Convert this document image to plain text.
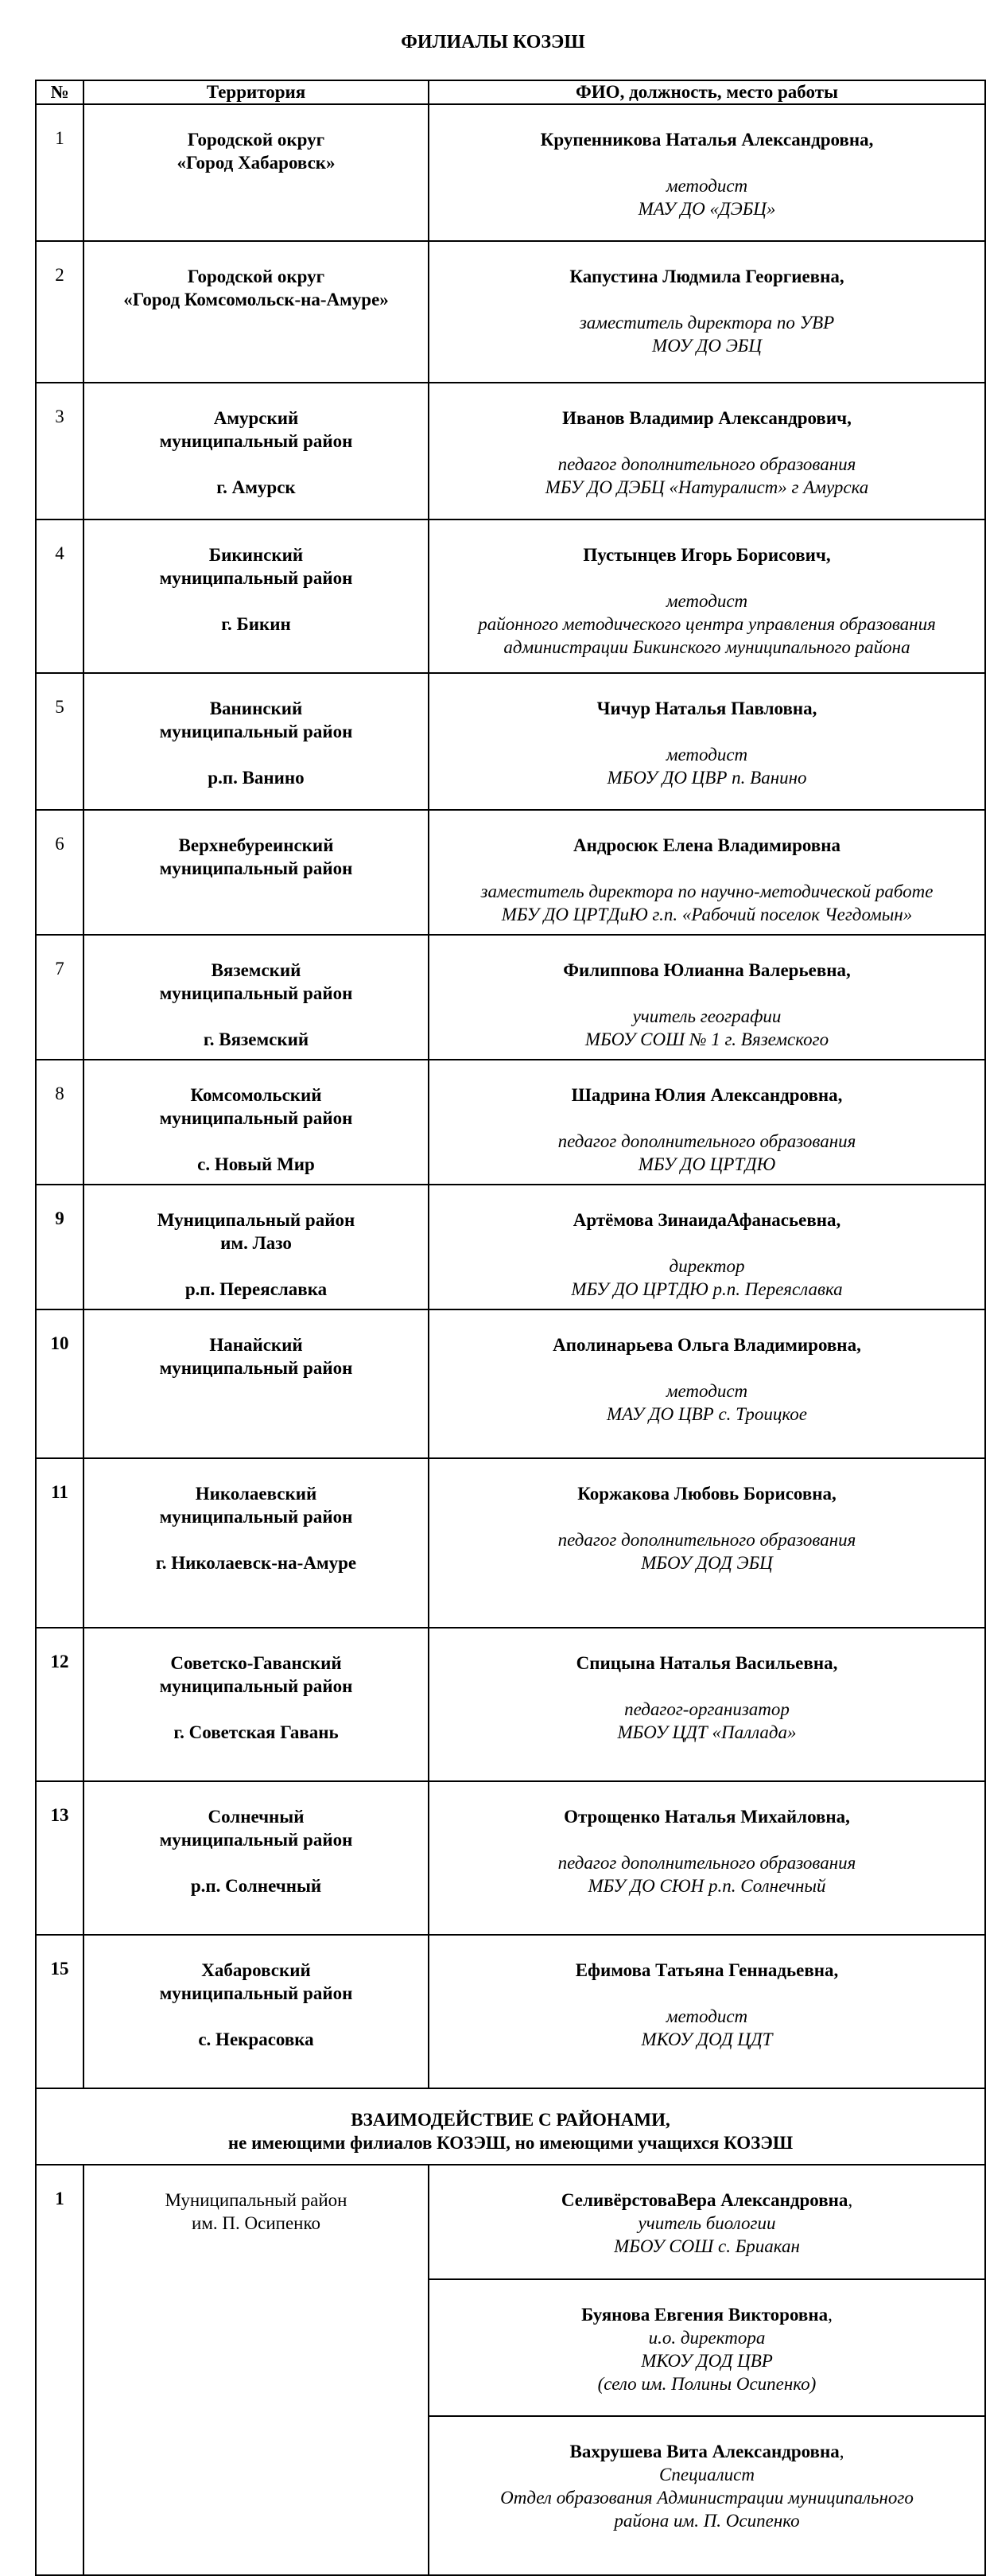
ФИЛИАЛЫ КОЗЭШ
№	Территория	ФИО, должность, место работы
1	Городской округ
«Город Хабаровск»	Крупенникова Наталья Александровна,
методист
МАУ ДО «ДЭБЦ»

2	Городской округ
«Город Комсомольск-на-Амуре»	Капустина Людмила Георгиевна,
заместитель директора по УВР
МОУ ДО ЭБЦ

3	Амурский
муниципальный район
г. Амурск	Иванов Владимир Александрович,
педагог дополнительного образования
МБУ ДО ДЭБЦ «Натуралист» г Амурска

4	Бикинский
муниципальный район
г. Бикин	Пустынцев Игорь Борисович,
методист
районного методического центра управления образования
администрации Бикинского муниципального района

5	Ванинский
муниципальный район
р.п. Ванино	Чичур Наталья Павловна,
методист
МБОУ ДО ЦВР п. Ванино

6	Верхнебуреинский
муниципальный район	Андросюк Елена Владимировна
заместитель директора по научно-методической работе
МБУ ДО ЦРТДиЮ г.п. «Рабочий поселок Чегдомын»

7	Вяземский
муниципальный район
г. Вяземский	Филиппова Юлианна Валерьевна,
учитель географии
МБОУ СОШ № 1 г. Вяземского

8	Комсомольский
муниципальный район
с. Новый Мир	Шадрина Юлия Александровна,
педагог дополнительного образования
МБУ ДО ЦРТДЮ

9	Муниципальный район
им. Лазо
р.п. Переяславка	Артёмова ЗинаидаАфанасьевна,
директор
МБУ ДО ЦРТДЮ р.п. Переяславка

10	Нанайский
муниципальный район	Аполинарьева Ольга Владимировна,
методист
МАУ ДО ЦВР с. Троицкое

11	Николаевский
муниципальный район
г. Николаевск-на-Амуре	Коржакова Любовь Борисовна,
педагог дополнительного образования
МБОУ ДОД ЭБЦ

12	Советско-Гаванский
муниципальный район
г. Советская Гавань	Спицына Наталья Васильевна,
педагог-организатор
МБОУ ЦДТ «Паллада»

13	Солнечный
муниципальный район
р.п. Солнечный	Отрощенко Наталья Михайловна,
педагог дополнительного образования
МБУ ДО СЮН р.п. Солнечный

15	Хабаровский
муниципальный район
с. Некрасовка	Ефимова Татьяна Геннадьевна,
методист
МКОУ ДОД ЦДТ

ВЗАИМОДЕЙСТВИЕ С РАЙОНАМИ,
не имеющими филиалов КОЗЭШ, но имеющими учащихся КОЗЭШ		

1	Муниципальный район
им. П. Осипенко	СеливёрстоваВера Александровна,
учитель биологии
МБОУ СОШ с. Бриакан

		Буянова Евгения Викторовна,
и.о. директора
МКОУ ДОД ЦВР
(село им. Полины Осипенко)

		Вахрушева Вита Александровна,
Специалист
Отдел образования Администрации муниципального
района им. П. Осипенко
